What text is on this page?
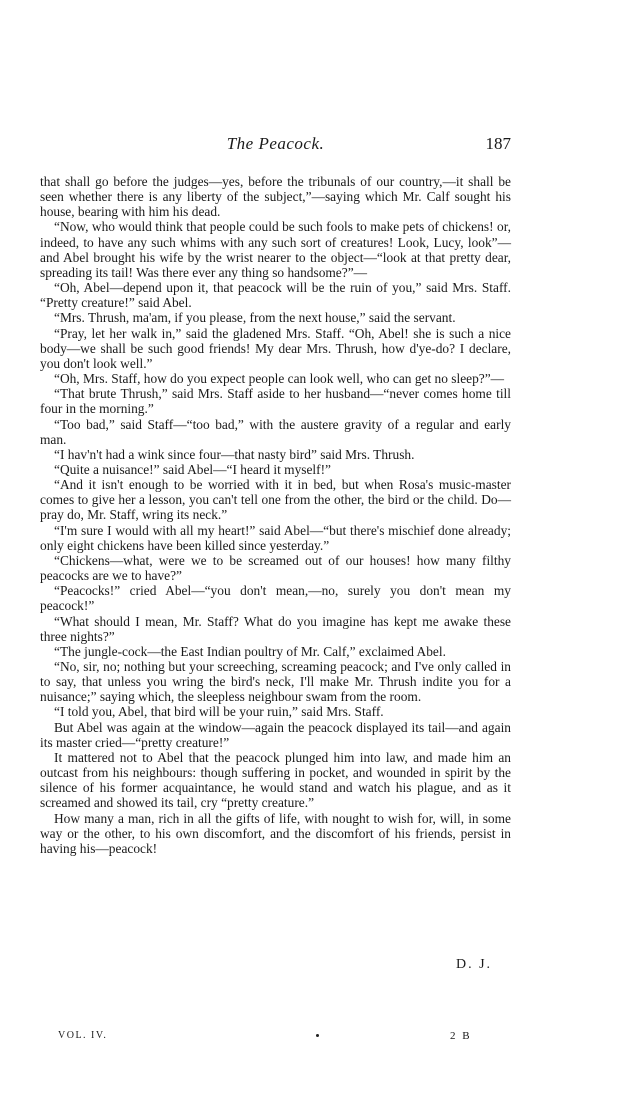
The Peacock.	187

that shall go before the judges—yes, before the tribunals of our country,—it shall be seen whether there is any liberty of the subject,”—saying which Mr. Calf sought his house, bearing with him his dead.

“Now, who would think that people could be such fools to make pets of chickens! or, indeed, to have any such whims with any such sort of creatures! Look, Lucy, look”—and Abel brought his wife by the wrist nearer to the object—“look at that pretty dear, spreading its tail! Was there ever any thing so handsome?”—

“Oh, Abel—depend upon it, that peacock will be the ruin of you,” said Mrs. Staff. “Pretty creature!” said Abel.

“Mrs. Thrush, ma'am, if you please, from the next house,” said the servant.

“Pray, let her walk in,” said the gladened Mrs. Staff. “Oh, Abel! she is such a nice body—we shall be such good friends! My dear Mrs. Thrush, how d'ye-do? I declare, you don't look well.”

“Oh, Mrs. Staff, how do you expect people can look well, who can get no sleep?”—

“That brute Thrush,” said Mrs. Staff aside to her husband—“never comes home till four in the morning.”

“Too bad,” said Staff—“too bad,” with the austere gravity of a regular and early man.

“I hav'n't had a wink since four—that nasty bird” said Mrs. Thrush.

“Quite a nuisance!” said Abel—“I heard it myself!”

“And it isn't enough to be worried with it in bed, but when Rosa's music-master comes to give her a lesson, you can't tell one from the other, the bird or the child. Do—pray do, Mr. Staff, wring its neck.”

“I'm sure I would with all my heart!” said Abel—“but there's mischief done already; only eight chickens have been killed since yesterday.”

“Chickens—what, were we to be screamed out of our houses! how many filthy peacocks are we to have?”

“Peacocks!” cried Abel—“you don't mean,—no, surely you don't mean my peacock!”

“What should I mean, Mr. Staff? What do you imagine has kept me awake these three nights?”

“The jungle-cock—the East Indian poultry of Mr. Calf,” exclaimed Abel.

“No, sir, no; nothing but your screeching, screaming peacock; and I've only called in to say, that unless you wring the bird's neck, I'll make Mr. Thrush indite you for a nuisance;” saying which, the sleepless neighbour swam from the room.

“I told you, Abel, that bird will be your ruin,” said Mrs. Staff.

But Abel was again at the window—again the peacock displayed its tail—and again its master cried—“pretty creature!”

It mattered not to Abel that the peacock plunged him into law, and made him an outcast from his neighbours: though suffering in pocket, and wounded in spirit by the silence of his former acquaintance, he would stand and watch his plague, and as it screamed and showed its tail, cry “pretty creature.”

How many a man, rich in all the gifts of life, with nought to wish for, will, in some way or the other, to his own discomfort, and the discomfort of his friends, persist in having his—peacock!

D. J.
VOL. IV.	2 B
